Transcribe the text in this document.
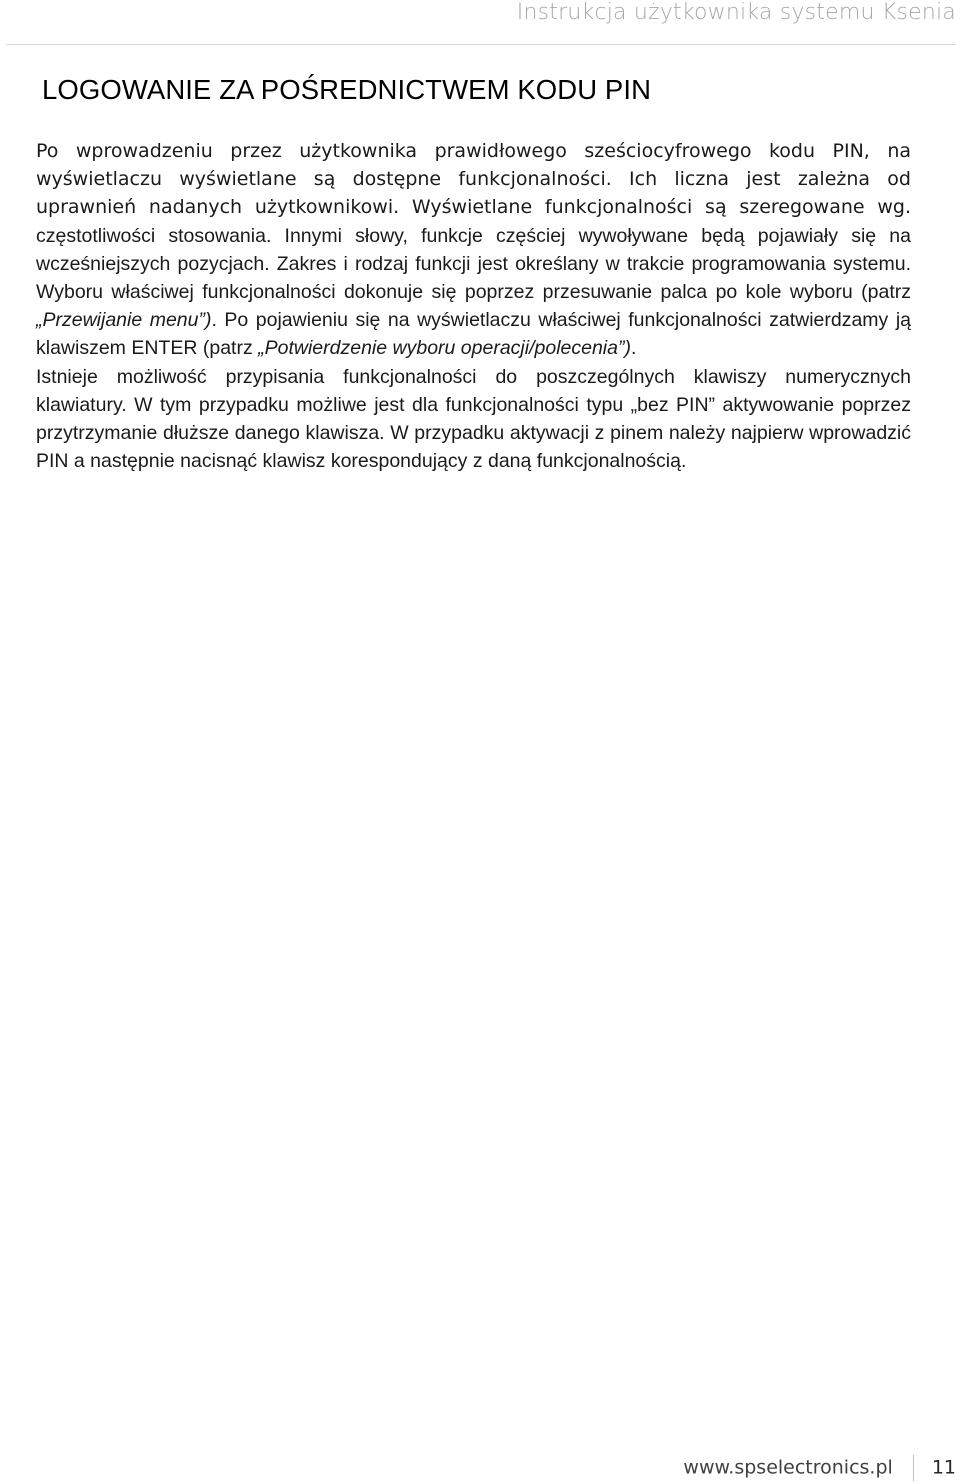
Instrukcja użytkownika systemu Ksenia
LOGOWANIE ZA POŚREDNICTWEM KODU PIN

Po wprowadzeniu przez użytkownika prawidłowego sześciocyfrowego kodu PIN, na wyświetlaczu wyświetlane są dostępne funkcjonalności. Ich liczna jest zależna od uprawnień nadanych użytkownikowi. Wyświetlane funkcjonalności są szeregowane wg. częstotliwości stosowania. Innymi słowy, funkcje częściej wywoływane będą pojawiały się na wcześniejszych pozycjach. Zakres i rodzaj funkcji jest określany w trakcie programowania systemu. Wyboru właściwej funkcjonalności dokonuje się poprzez przesuwanie palca po kole wyboru (patrz „Przewijanie menu”). Po pojawieniu się na wyświetlaczu właściwej funkcjonalności zatwierdzamy ją klawiszem ENTER (patrz „Potwierdzenie wyboru operacji/polecenia”).

Istnieje możliwość przypisania funkcjonalności do poszczególnych klawiszy numerycznych klawiatury. W tym przypadku możliwe jest dla funkcjonalności typu „bez PIN” aktywowanie poprzez przytrzymanie dłuższe danego klawisza. W przypadku aktywacji z pinem należy najpierw wprowadzić PIN a następnie nacisnąć klawisz korespondujący z daną funkcjonalnością.

www.spselectronics.pl 11
